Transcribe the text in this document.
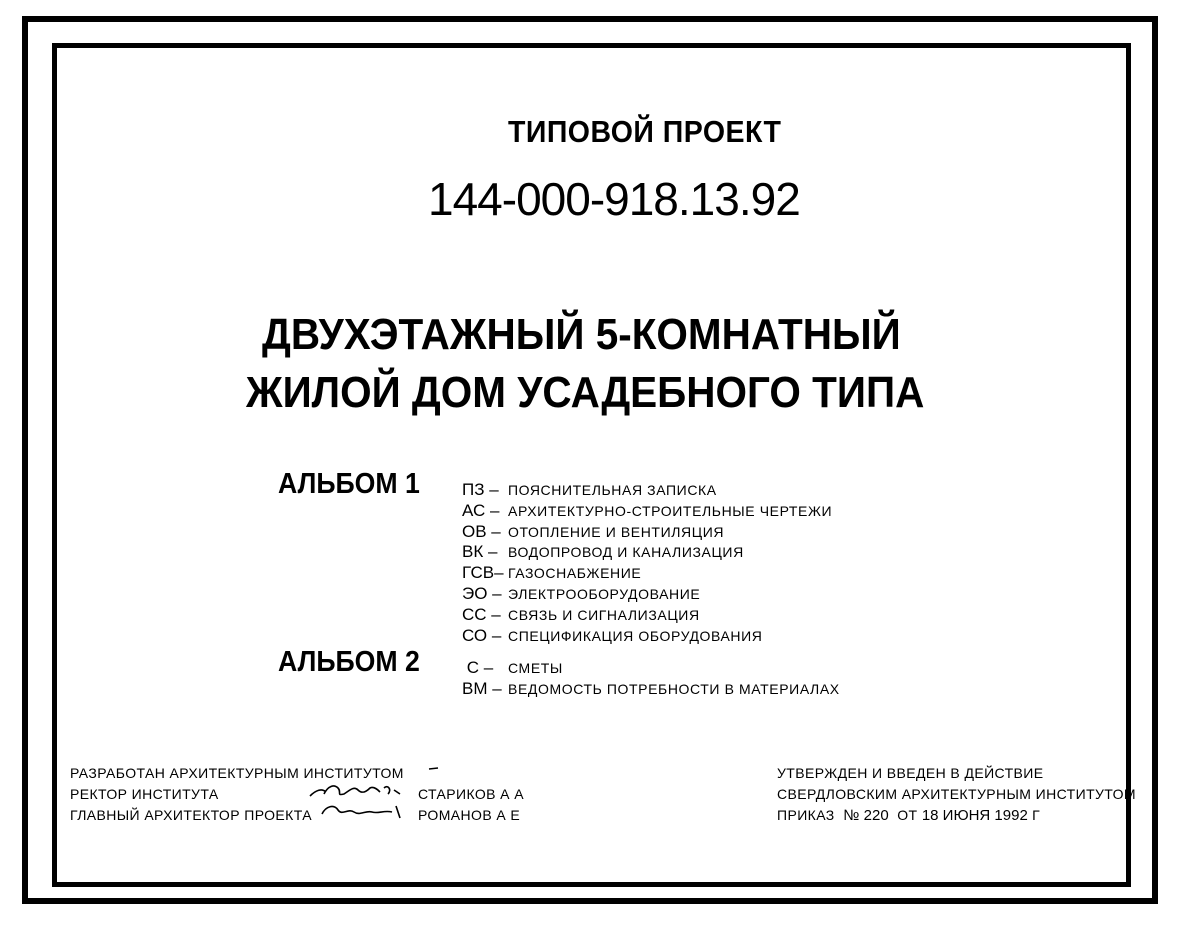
ТИПОВОЙ ПРОЕКТ
144-000-918.13.92
ДВУХЭТАЖНЫЙ 5-КОМНАТНЫЙ
ЖИЛОЙ ДОМ УСАДЕБНОГО ТИПА
АЛЬБОМ 1 ПЗ – ПОЯСНИТЕЛЬНАЯ ЗАПИСКА
АС – АРХИТЕКТУРНО-СТРОИТЕЛЬНЫЕ ЧЕРТЕЖИ
ОВ – ОТОПЛЕНИЕ И ВЕНТИЛЯЦИЯ
ВК – ВОДОПРОВОД И КАНАЛИЗАЦИЯ
ГСВ– ГАЗОСНАБЖЕНИЕ
ЭО – ЭЛЕКТРООБОРУДОВАНИЕ
СС – СВЯЗЬ И СИГНАЛИЗАЦИЯ
СО – СПЕЦИФИКАЦИЯ ОБОРУДОВАНИЯ
АЛЬБОМ 2	С –	СМЕТЫ
ВМ – ВЕДОМОСТЬ ПОТРЕБНОСТИ В МАТЕРИАЛАХ
РАЗРАБОТАН АРХИТЕКТУРНЫМ ИНСТИТУТОМ
РЕКТОР ИНСТИТУТА
ГЛАВНЫЙ АРХИТЕКТОР ПРОЕКТА
СТАРИКОВ А А
РОМАНОВ А Е
УТВЕРЖДЕН И ВВЕДЕН В ДЕЙСТВИЕ
СВЕРДЛОВСКИМ АРХИТЕКТУРНЫМ ИНСТИТУТОМ
ПРИКАЗ № 220 ОТ 18 ИЮНЯ 1992 Г
